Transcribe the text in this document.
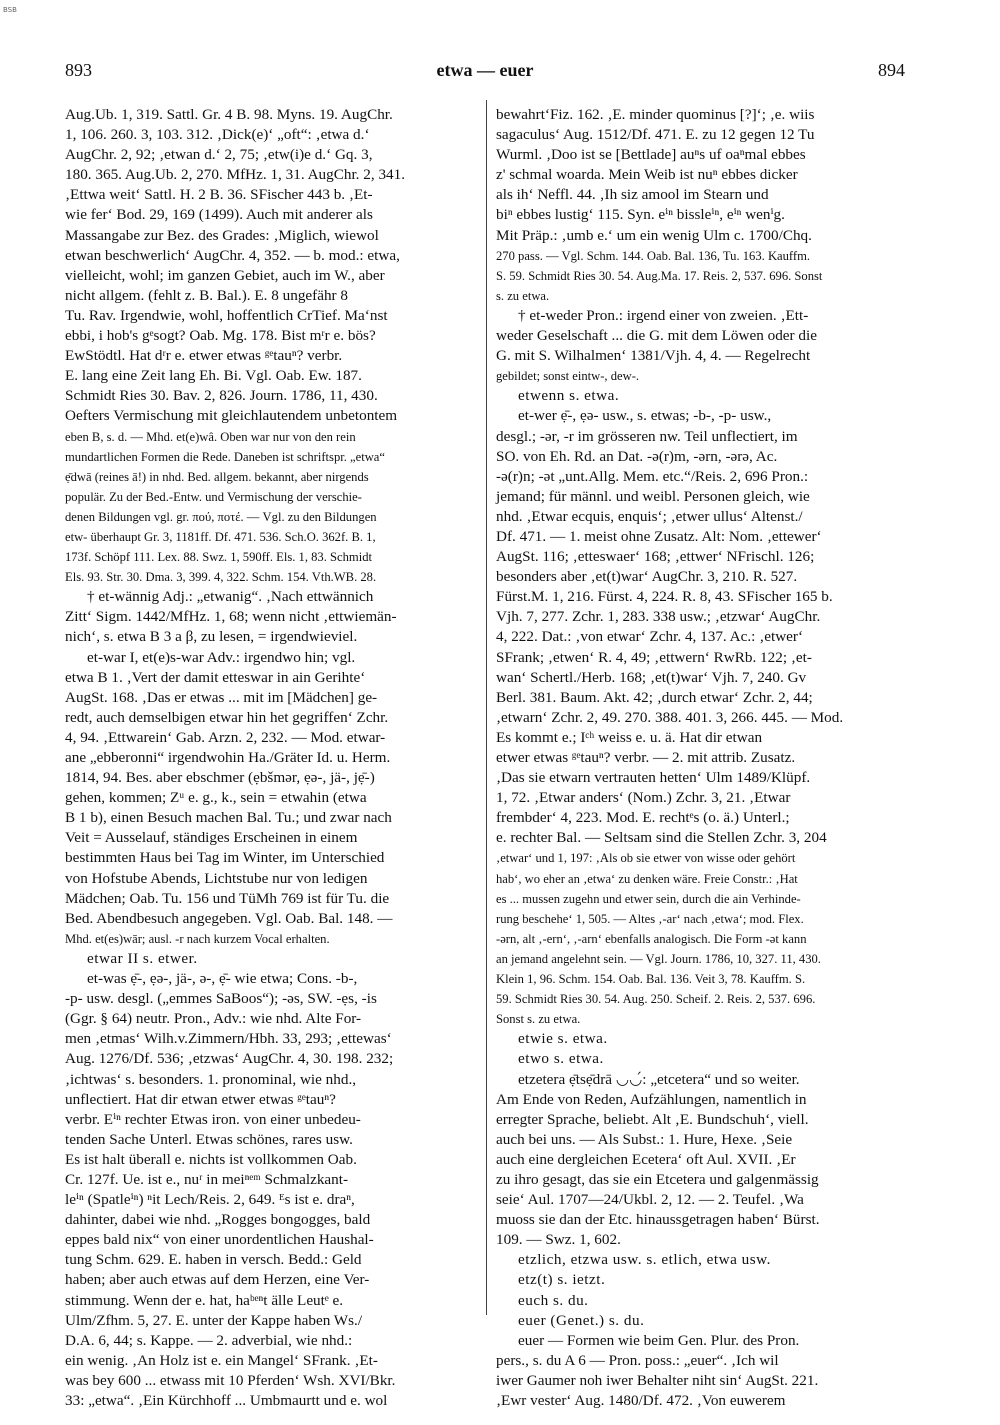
BSB
893	etwa — euer	894
Aug.Ub. 1, 319. Sattl. Gr. 4 B. 98. Myns. 19. AugChr.
1, 106. 260. 3, 103. 312. ‚Dick(e)‘ „oft“: ‚etwa d.‘
AugChr. 2, 92; ‚etwan d.‘ 2, 75; ‚etw(i)e d.‘ Gq. 3,
180. 365. Aug.Ub. 2, 270. MfHz. 1, 31. AugChr. 2, 341.
‚Ettwa weit‘ Sattl. H. 2 B. 36. SFischer 443 b. ‚Et-
wie fer‘ Bod. 29, 169 (1499). Auch mit anderer als
Massangabe zur Bez. des Grades: ‚Miglich, wiewol
etwan beschwerlich‘ AugChr. 4, 352. — b. mod.: etwa,
vielleicht, wohl; im ganzen Gebiet, auch im W., aber
nicht allgem. (fehlt z. B. Bal.). E. 8 ungefähr 8
Tu. Rav. Irgendwie, wohl, hoffentlich CrTief. Ma‘nst
ebbi, i hob's gᵉsogt? Oab. Mg. 178. Bist mʳr e. bös?
EwStödtl. Hat dʳr e. etwer etwas ᵍᵉtauⁿ? verbr.
E. lang eine Zeit lang Eh. Bi. Vgl. Oab. Ew. 187.
Schmidt Ries 30. Bav. 2, 826. Journ. 1786, 11, 430.
Oefters Vermischung mit gleichlautendem unbetontem
eben B, s. d. — Mhd. et(e)wâ. Oben war nur von den rein
mundartlichen Formen die Rede. Daneben ist schriftspr. „etwa“
ẹ̄dwā (reines ā!) in nhd. Bed. allgem. bekannt, aber nirgends
populär. Zu der Bed.-Entw. und Vermischung der verschie-
denen Bildungen vgl. gr. πού, ποτέ. — Vgl. zu den Bildungen
etw- überhaupt Gr. 3, 1181ff. Df. 471. 536. Sch.O. 362f. B. 1,
173f. Schöpf 111. Lex. 88. Swz. 1, 590ff. Els. 1, 83. Schmidt
Els. 93. Str. 30. Dma. 3, 399. 4, 322. Schm. 154. Vth.WB. 28.
† et-wännig Adj.: „etwanig“. ‚Nach ettwännich
Zitt‘ Sigm. 1442/MfHz. 1, 68; wenn nicht ‚ettwiemän-
nich‘, s. etwa B 3 a β, zu lesen, = irgendwieviel.
et-war I, et(e)s-war Adv.: irgendwo hin; vgl.
etwa B 1. ‚Vert der damit etteswar in ain Gerihte‘
AugSt. 168. ‚Das er etwas ... mit im [Mädchen] ge-
redt, auch demselbigen etwar hin het gegriffen‘ Zchr.
4, 94. ‚Ettwarein‘ Gab. Arzn. 2, 232. — Mod. etwar-
ane „ebberonni“ irgendwohin Ha./Gräter Id. u. Herm.
1814, 94. Bes. aber ebschmer (ẹbšmər, ẹə-, jä-, jẹ̄-)
gehen, kommen; Zᵘ e. g., k., sein = etwahin (etwa
B 1 b), einen Besuch machen Bal. Tu.; und zwar nach
Veit = Ausselauf, ständiges Erscheinen in einem
bestimmten Haus bei Tag im Winter, im Unterschied
von Hofstube Abends, Lichtstube nur von ledigen
Mädchen; Oab. Tu. 156 und TüMh 769 ist für Tu. die
Bed. Abendbesuch angegeben. Vgl. Oab. Bal. 148. —
Mhd. et(es)wār; ausl. -r nach kurzem Vocal erhalten.
etwar II s. etwer.
et-was ẹ̄-, ẹə-, jä-, ə-, ẹ̄- wie etwa; Cons. -b-,
-p- usw. desgl. („emmes SaBoos“); -əs, SW. -ẹs, -is
(Ggr. § 64) neutr. Pron., Adv.: wie nhd. Alte For-
men ‚etmas‘ Wilh.v.Zimmern/Hbh. 33, 293; ‚ettewas‘
Aug. 1276/Df. 536; ‚etzwas‘ AugChr. 4, 30. 198. 232;
‚ichtwas‘ s. besonders. 1. pronominal, wie nhd.,
unflectiert. Hat dir etwan etwer etwas ᵍᵉtauⁿ?
verbr. Eⁱⁿ rechter Etwas iron. von einer unbedeu-
tenden Sache Unterl. Etwas schönes, rares usw.
Es ist halt überall e. nichts ist vollkommen Oab.
Cr. 127f. Ue. ist e., nuʳ in meiⁿᵉᵐ Schmalzkant-
leⁱⁿ (Spatleⁱⁿ) ⁿit Lech/Reis. 2, 649. ᴱs ist e. draⁿ,
dahinter, dabei wie nhd. „Rogges bongogges, bald
eppes bald nix“ von einer unordentlichen Haushal-
tung Schm. 629. E. haben in versch. Bedd.: Geld
haben; aber auch etwas auf dem Herzen, eine Ver-
stimmung. Wenn der e. hat, haᵇᵉⁿt älle Leutᵉ e.
Ulm/Zfhm. 5, 27. E. unter der Kappe haben Ws./
D.A. 6, 44; s. Kappe. — 2. adverbial, wie nhd.:
ein wenig. ‚An Holz ist e. ein Mangel‘ SFrank. ‚Et-
was bey 600 ... etwass mit 10 Pferden‘ Wsh. XVI/Bkr.
33: „etwa“. ‚Ein Kürchhoff ... Umbmaurtt und e. wol
bewahrt‘Fiz. 162. ‚E. minder quominus [?]‘; ‚e. wiis
sagaculus‘ Aug. 1512/Df. 471. E. zu 12 gegen 12 Tu
Wurml. ‚Doo ist se [Bettlade] auⁿs uf oaⁿmal ebbes
z' schmal woarda. Mein Weib ist nuⁿ ebbes dicker
als ih‘ Neffl. 44. ‚Ih siz amool im Stearn und
biⁿ ebbes lustig‘ 115. Syn. eⁱⁿ bissleⁱⁿ, eⁱⁿ wenⁱg.
Mit Präp.: ‚umb e.‘ um ein wenig Ulm c. 1700/Chq.
270 pass. — Vgl. Schm. 144. Oab. Bal. 136, Tu. 163. Kauffm.
S. 59. Schmidt Ries 30. 54. Aug.Ma. 17. Reis. 2, 537. 696. Sonst
s. zu etwa.
† et-weder Pron.: irgend einer von zweien. ‚Ett-
weder Geselschaft ... die G. mit dem Löwen oder die
G. mit S. Wilhalmen‘ 1381/Vjh. 4, 4. — Regelrecht
gebildet; sonst eintw-, dew-.
etwenn s. etwa.
et-wer ẹ̄-, ẹə- usw., s. etwas; -b-, -p- usw.,
desgl.; -ər, -r im grösseren nw. Teil unflectiert, im
SO. von Eh. Rd. an Dat. -ə(r)m, -ərn, -ərə, Ac.
-ə(r)n; -ət „unt.Allg. Mem. etc.“/Reis. 2, 696 Pron.:
jemand; für männl. und weibl. Personen gleich, wie
nhd. ‚Etwar ecquis, enquis‘; ‚etwer ullus‘ Altenst./
Df. 471. — 1. meist ohne Zusatz. Alt: Nom. ‚ettewer‘
AugSt. 116; ‚etteswaer‘ 168; ‚ettwer‘ NFrischl. 126;
besonders aber ‚et(t)war‘ AugChr. 3, 210. R. 527.
Fürst.M. 1, 216. Fürst. 4, 224. R. 8, 43. SFischer 165 b.
Vjh. 7, 277. Zchr. 1, 283. 338 usw.; ‚etzwar‘ AugChr.
4, 222. Dat.: ‚von etwar‘ Zchr. 4, 137. Ac.: ‚etwer‘
SFrank; ‚etwen‘ R. 4, 49; ‚ettwern‘ RwRb. 122; ‚et-
wan‘ Schertl./Herb. 168; ‚et(t)war‘ Vjh. 7, 240. Gv
Berl. 381. Baum. Akt. 42; ‚durch etwar‘ Zchr. 2, 44;
‚etwarn‘ Zchr. 2, 49. 270. 388. 401. 3, 266. 445. — Mod.
Es kommt e.; Iᶜʰ weiss e. u. ä. Hat dir etwan
etwer etwas ᵍᵉtauⁿ? verbr. — 2. mit attrib. Zusatz.
‚Das sie etwarn vertrauten hetten‘ Ulm 1489/Klüpf.
1, 72. ‚Etwar anders‘ (Nom.) Zchr. 3, 21. ‚Etwar
frembder‘ 4, 223. Mod. E. rechtᵉs (o. ä.) Unterl.;
e. rechter Bal. — Seltsam sind die Stellen Zchr. 3, 204
‚etwar‘ und 1, 197: ‚Als ob sie etwer von wisse oder gehört
hab‘, wo eher an ‚etwa‘ zu denken wäre. Freie Constr.: ‚Hat
es ... mussen zugehn und etwer sein, durch die ain Verhinde-
rung beschehe‘ 1, 505. — Altes ‚-ar‘ nach ‚etwa‘; mod. Flex.
-ərn, alt ‚-ern‘, ‚-arn‘ ebenfalls analogisch. Die Form -ət kann
an jemand angelehnt sein. — Vgl. Journ. 1786, 10, 327. 11, 430.
Klein 1, 96. Schm. 154. Oab. Bal. 136. Veit 3, 78. Kauffm. S.
59. Schmidt Ries 30. 54. Aug. 250. Scheif. 2. Reis. 2, 537. 696.
Sonst s. zu etwa.
etwie s. etwa.
etwo s. etwa.
etzetera ẹ̄tsẹ̄drā ◡◡́: „etcetera“ und so weiter.
Am Ende von Reden, Aufzählungen, namentlich in
erregter Sprache, beliebt. Alt ‚E. Bundschuh‘, viell.
auch bei uns. — Als Subst.: 1. Hure, Hexe. ‚Seie
auch eine dergleichen Ecetera‘ oft Aul. XVII. ‚Er
zu ihro gesagt, das sie ein Etcetera und galgenmässig
seie‘ Aul. 1707—24/Ukbl. 2, 12. — 2. Teufel. ‚Wa
muoss sie dan der Etc. hinaussgetragen haben‘ Bürst.
109. — Swz. 1, 602.
etzlich, etzwa usw. s. etlich, etwa usw.
etz(t) s. ietzt.
euch s. du.
euer (Genet.) s. du.
euer — Formen wie beim Gen. Plur. des Pron.
pers., s. du A 6 — Pron. poss.: „euer“. ‚Ich wil
iwer Gaumer noh iwer Behalter niht sin‘ AugSt. 221.
‚Ewr vester‘ Aug. 1480/Df. 472. ‚Von euwerem
